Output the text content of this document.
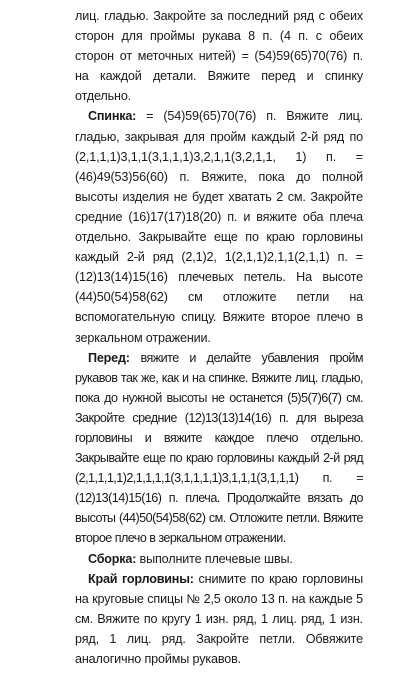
лиц. гладью. Закройте за последний ряд с обеих сторон для проймы рукава 8 п. (4 п. с обеих сторон от меточных нитей) = (54)59(65)70(76) п. на каждой детали. Вяжите перед и спинку отдельно.

Спинка: = (54)59(65)70(76) п. Вяжите лиц. гладью, закрывая для пройм каждый 2-й ряд по (2,1,1,1)3,1,1(3,1,1,1)3,2,1,1(3,2,1,1, 1) п. = (46)49(53)56(60) п. Вяжите, пока до полной высоты изделия не будет хватать 2 см. Закройте средние (16)17(17)18(20) п. и вяжите оба плеча отдельно. Закрывайте еще по краю горловины каждый 2-й ряд (2,1)2, 1(2,1,1)2,1,1(2,1,1) п. = (12)13(14)15(16) плечевых петель. На высоте (44)50(54)58(62) см отложите петли на вспомогательную спицу. Вяжите второе плечо в зеркальном отражении.

Перед: вяжите и делайте убавления пройм рукавов так же, как и на спинке. Вяжите лиц. гладью, пока до нужной высоты не останется (5)5(7)6(7) см. Закройте средние (12)13(13)14(16) п. для выреза горловины и вяжите каждое плечо отдельно. Закрывайте еще по краю горловины каждый 2-й ряд (2,1,1,1,1)2,1,1,1,1(3,1,1,1,1)3,1,1,1(3,1,1,1) п. = (12)13(14)15(16) п. плеча. Продолжайте вязать до высоты (44)50(54)58(62) см. Отложите петли. Вяжите второе плечо в зеркальном отражении.

Сборка: выполните плечевые швы.

Край горловины: снимите по краю горловины на круговые спицы № 2,5 около 13 п. на каждые 5 см. Вяжите по кругу 1 изн. ряд, 1 лиц. ряд, 1 изн. ряд, 1 лиц. ряд. Закройте петли. Обвяжите аналогично проймы рукавов.
